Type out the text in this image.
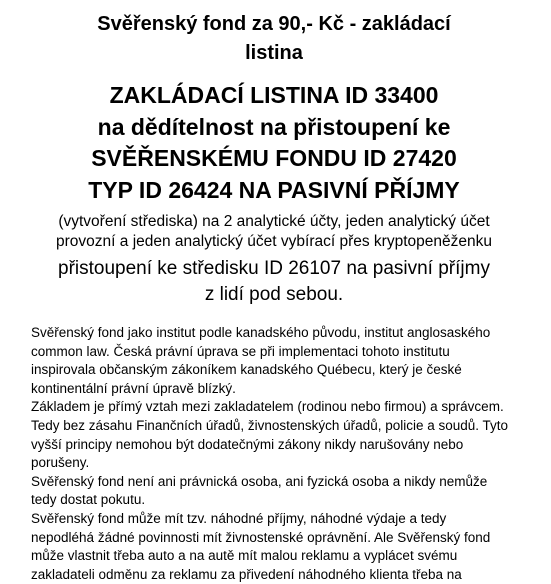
Svěřenský fond za 90,- Kč - zakládací
listina
ZAKLÁDACÍ LISTINA ID 33400
na dědítelnost na přistoupení ke
SVĚŘENSKÉMU FONDU ID 27420
TYP ID 26424 NA PASIVNÍ PŘÍJMY
(vytvoření střediska) na 2 analytické účty, jeden analytický účet
provozní a jeden analytický účet vybírací přes kryptopeněženku
přistoupení ke středisku ID 26107 na pasivní příjmy
z lidí pod sebou.
Svěřenský fond jako institut podle kanadského původu, institut anglosaského
common law. Česká právní úprava se při implementaci tohoto institutu
inspirovala občanským zákoníkem kanadského Québecu, který je české
kontinentální právní úpravě blízký.
Základem je přímý vztah mezi zakladatelem (rodinou nebo firmou) a správcem.
Tedy bez zásahu Finančních úřadů, živnostenských úřadů, policie a soudů. Tyto
vyšší principy nemohou být dodatečnými zákony nikdy narušovány nebo
porušeny.
Svěřenský fond není ani právnická osoba, ani fyzická osoba a nikdy nemůže
tedy dostat pokutu.
Svěřenský fond může mít tzv. náhodné příjmy, náhodné výdaje a tedy
nepodléhá žádné povinnosti mít živnostenské oprávnění. Ale Svěřenský fond
může vlastnit třeba auto a na autě mít malou reklamu a vyplácet svému
zakladateli odměnu za reklamu za přivedení náhodného klienta třeba na
